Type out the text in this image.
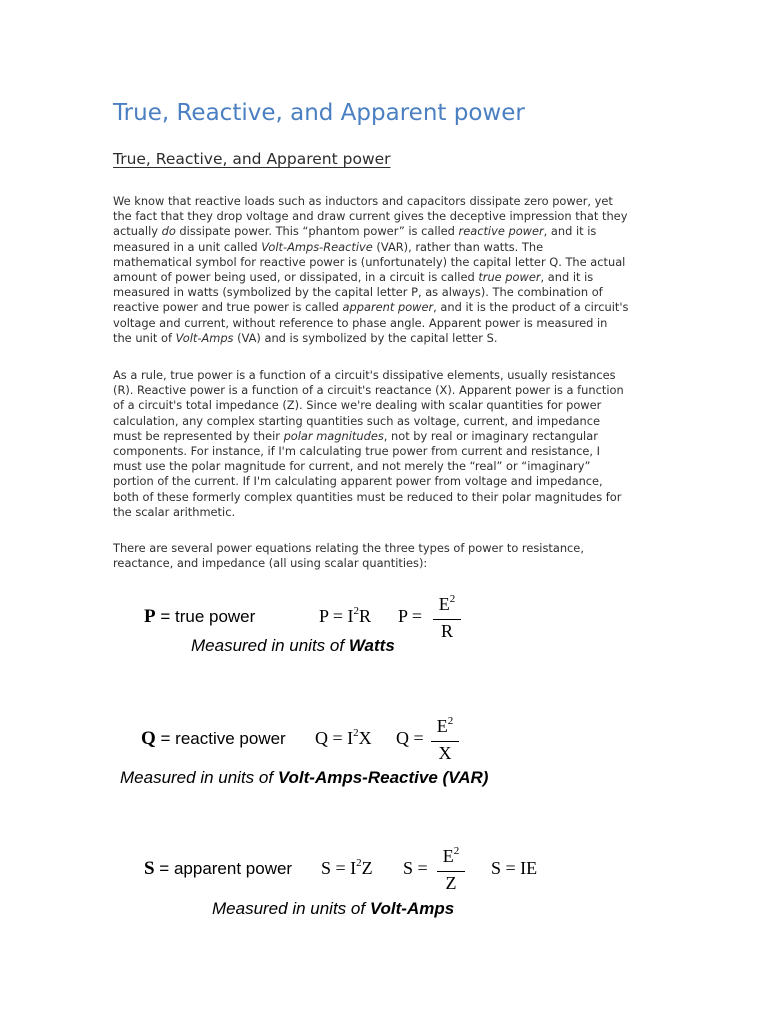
True, Reactive, and Apparent power
True, Reactive, and Apparent power
We know that reactive loads such as inductors and capacitors dissipate zero power, yet
the fact that they drop voltage and draw current gives the deceptive impression that they
actually do dissipate power. This “phantom power” is called reactive power, and it is
measured in a unit called Volt-Amps-Reactive (VAR), rather than watts. The
mathematical symbol for reactive power is (unfortunately) the capital letter Q. The actual
amount of power being used, or dissipated, in a circuit is called true power, and it is
measured in watts (symbolized by the capital letter P, as always). The combination of
reactive power and true power is called apparent power, and it is the product of a circuit's
voltage and current, without reference to phase angle. Apparent power is measured in
the unit of Volt-Amps (VA) and is symbolized by the capital letter S.
As a rule, true power is a function of a circuit's dissipative elements, usually resistances
(R). Reactive power is a function of a circuit's reactance (X). Apparent power is a function
of a circuit's total impedance (Z). Since we're dealing with scalar quantities for power
calculation, any complex starting quantities such as voltage, current, and impedance
must be represented by their polar magnitudes, not by real or imaginary rectangular
components. For instance, if I'm calculating true power from current and resistance, I
must use the polar magnitude for current, and not merely the “real” or “imaginary”
portion of the current. If I'm calculating apparent power from voltage and impedance,
both of these formerly complex quantities must be reduced to their polar magnitudes for
the scalar arithmetic.
There are several power equations relating the three types of power to resistance,
reactance, and impedance (all using scalar quantities):
P = true power	$P = I^2R$ P =
$E^2$
R
Measured in units of Watts
Q = reactive power $Q = I^2X$ Q =
$E^2$
X
Measured in units of Volt-Amps-Reactive (VAR)
S = apparent power $S = I^2Z$ S =
$E^2$
Z
S = IE
Measured in units of Volt-Amps
